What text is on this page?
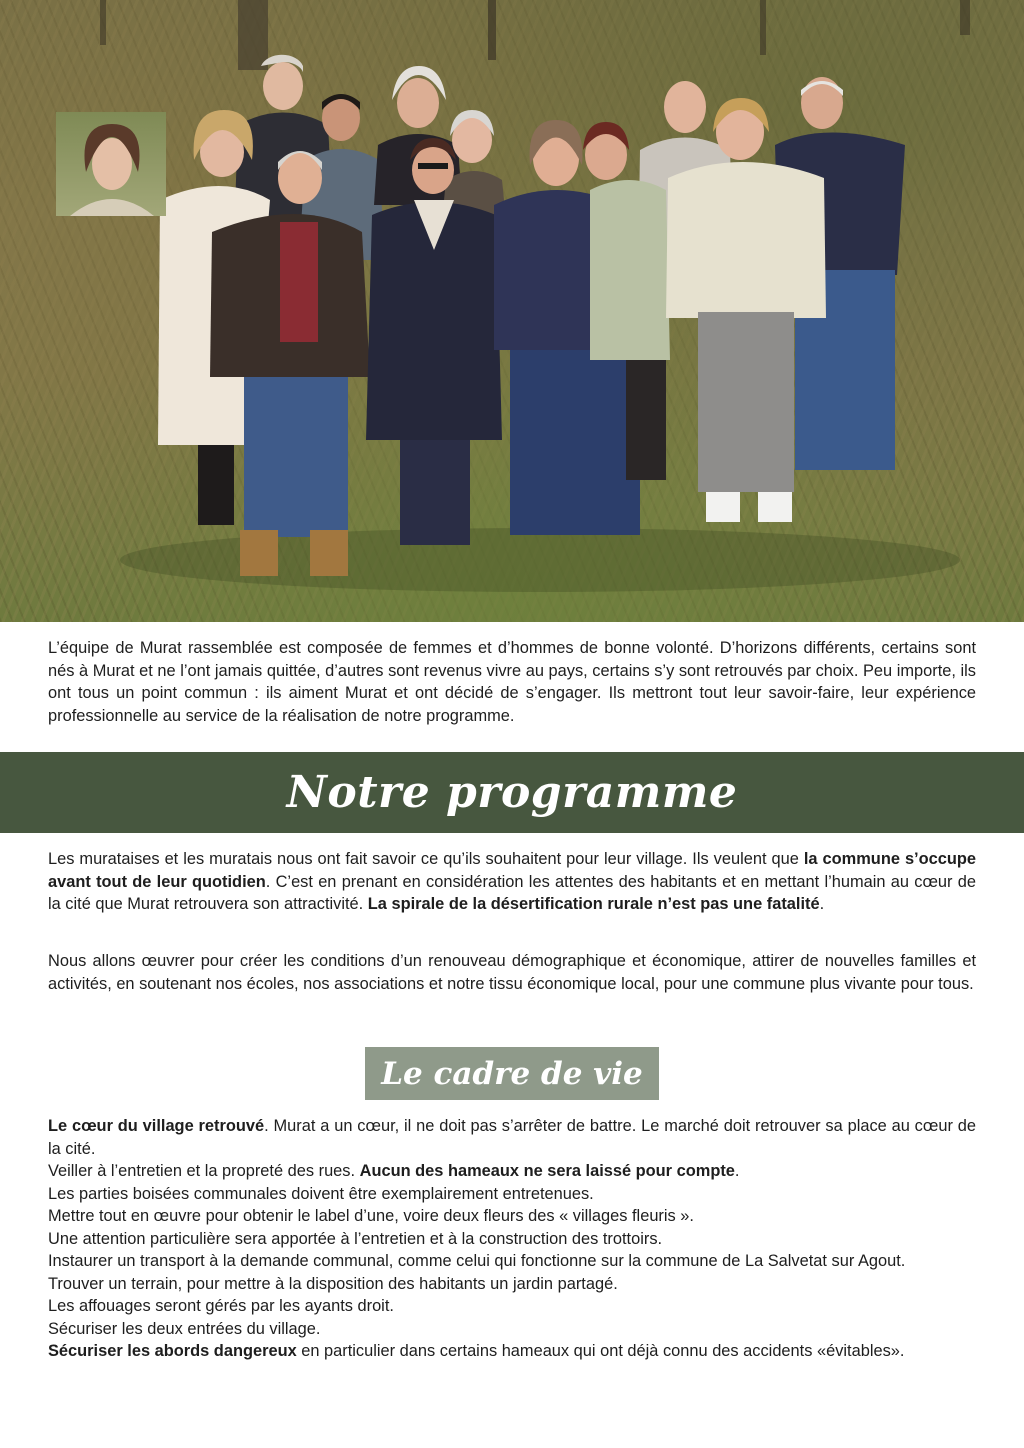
L’équipe de Murat rassemblée est composée de femmes et d’hommes de bonne volonté. D’horizons différents, certains sont nés à Murat et ne l’ont jamais quittée, d’autres sont revenus vivre au pays, certains s’y sont retrouvés par choix. Peu importe, ils ont tous un point commun : ils aiment Murat et ont décidé de s’engager. Ils mettront tout leur savoir-faire, leur expérience professionnelle au service de la réalisation de notre programme.

Notre programme

Les murataises et les muratais nous ont fait savoir ce qu’ils souhaitent pour leur village. Ils veulent que la commune s’occupe avant tout de leur quotidien. C’est en prenant en considération les attentes des habitants et en mettant l’humain au cœur de la cité que Murat retrouvera son attractivité. La spirale de la désertification rurale n’est pas une fatalité.

Nous allons œuvrer pour créer les conditions d’un renouveau démographique et économique, attirer de nouvelles familles et activités, en soutenant nos écoles, nos associations et notre tissu économique local, pour une commune plus vivante pour tous.

Le cadre de vie
Le cœur du village retrouvé. Murat a un cœur, il ne doit pas s’arrêter de battre. Le marché doit retrouver sa place au cœur de la cité.
Veiller à l’entretien et la propreté des rues. Aucun des hameaux ne sera laissé pour compte.
Les parties boisées communales doivent être exemplairement entretenues.
Mettre tout en œuvre pour obtenir le label d’une, voire deux fleurs des « villages fleuris ».
Une attention particulière sera apportée à l’entretien et à la construction des trottoirs.
Instaurer un transport à la demande communal, comme celui qui fonctionne sur la commune de La Salvetat sur Agout.
Trouver un terrain, pour mettre à la disposition des habitants un jardin partagé.
Les affouages seront gérés par les ayants droit.
Sécuriser les deux entrées du village.
Sécuriser les abords dangereux en particulier dans certains hameaux qui ont déjà connu des accidents «évitables».
